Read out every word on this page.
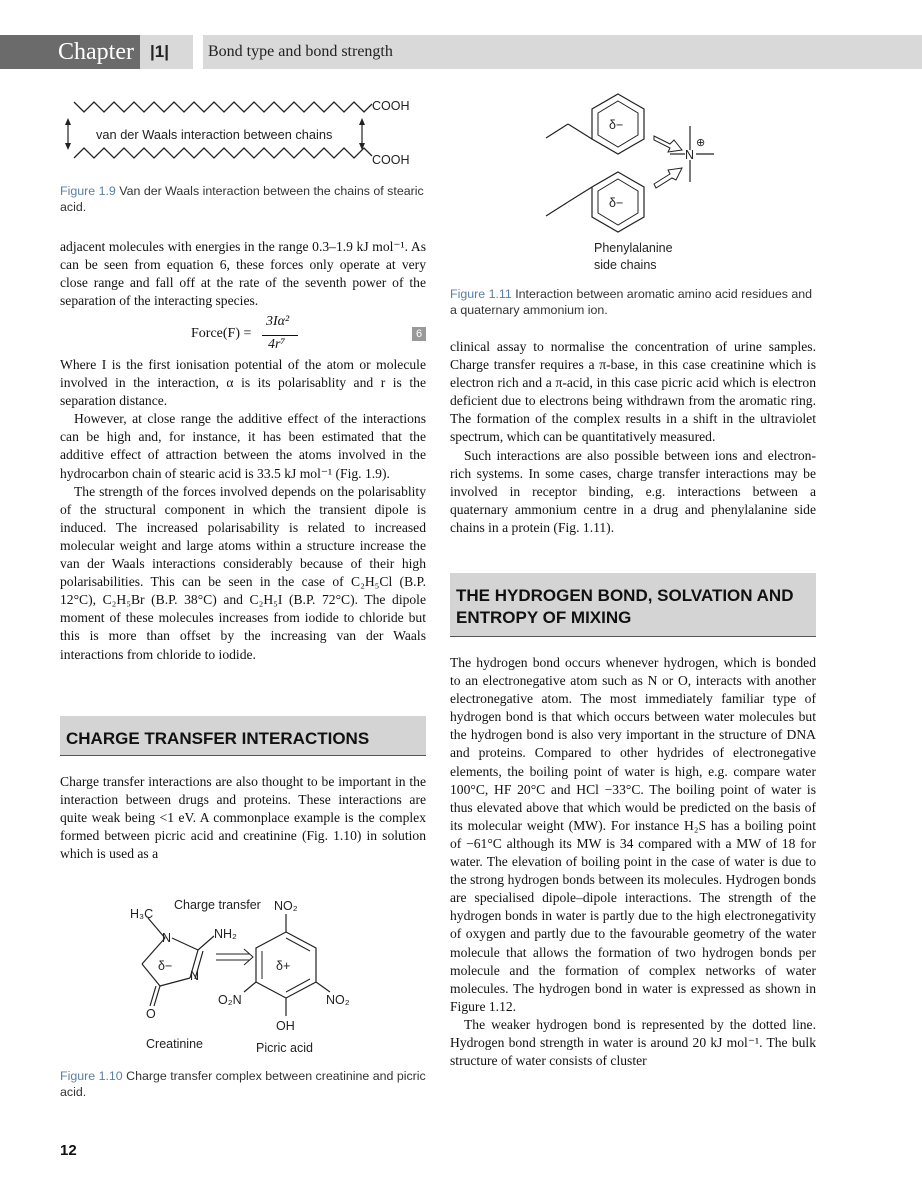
Chapter |1| Bond type and bond strength
COOH
COOH
van der Waals interaction between chains
Figure 1.9 Van der Waals interaction between the chains of stearic acid.

adjacent molecules with energies in the range 0.3–1.9 kJ mol⁻¹. As can be seen from equation 6, these forces only operate at very close range and fall off at the rate of the seventh power of the separation of the interacting species.

Force(F) =
3Iα²
4r⁷
6

Where I is the first ionisation potential of the atom or molecule involved in the interaction, α is its polarisablity and r is the separation distance.

However, at close range the additive effect of the interactions can be high and, for instance, it has been estimated that the additive effect of attraction between the atoms involved in the hydrocarbon chain of stearic acid is 33.5 kJ mol⁻¹ (Fig. 1.9).

The strength of the forces involved depends on the polarisablity of the structural component in which the transient dipole is induced. The increased polarisability is related to increased molecular weight and large atoms within a structure increase the van der Waals interactions considerably because of their high polarisabilities. This can be seen in the case of C₂H₅Cl (B.P. 12°C), C₂H₅Br (B.P. 38°C) and C₂H₅I (B.P. 72°C). The dipole moment of these molecules increases from iodide to chloride but this is more than offset by the increasing van der Waals interactions from chloride to iodide.

CHARGE TRANSFER INTERACTIONS

Charge transfer interactions are also thought to be important in the interaction between drugs and proteins. These interactions are quite weak being <1 eV. A commonplace example is the complex formed between picric acid and creatinine (Fig. 1.10) in solution which is used as a

H₃C
N	NH₂
N
δ−
O
Charge transfer NO₂
δ+
O₂N	NO₂
OH
Creatinine	Picric acid
Figure 1.10 Charge transfer complex between creatinine and picric acid.
δ−
δ−
N
⊕
Phenylalanine
side chains
Figure 1.11 Interaction between aromatic amino acid residues and a quaternary ammonium ion.

clinical assay to normalise the concentration of urine samples. Charge transfer requires a π-base, in this case creatinine which is electron rich and a π-acid, in this case picric acid which is electron deficient due to electrons being withdrawn from the aromatic ring. The formation of the complex results in a shift in the ultraviolet spectrum, which can be quantitatively measured.

Such interactions are also possible between ions and electron-rich systems. In some cases, charge transfer interactions may be involved in receptor binding, e.g. interactions between a quaternary ammonium centre in a drug and phenylalanine side chains in a protein (Fig. 1.11).

THE HYDROGEN BOND, SOLVATION AND ENTROPY OF MIXING

The hydrogen bond occurs whenever hydrogen, which is bonded to an electronegative atom such as N or O, interacts with another electronegative atom. The most immediately familiar type of hydrogen bond is that which occurs between water molecules but the hydrogen bond is also very important in the structure of DNA and proteins. Compared to other hydrides of electronegative elements, the boiling point of water is high, e.g. compare water 100°C, HF 20°C and HCl −33°C. The boiling point of water is thus elevated above that which would be predicted on the basis of its molecular weight (MW). For instance H₂S has a boiling point of −61°C although its MW is 34 compared with a MW of 18 for water. The elevation of boiling point in the case of water is due to the strong hydrogen bonds between its molecules. Hydrogen bonds are specialised dipole–dipole interactions. The strength of the hydrogen bonds in water is partly due to the high electronegativity of oxygen and partly due to the favourable geometry of the water molecule that allows the formation of two hydrogen bonds per molecule and the formation of complex networks of water molecules. The hydrogen bond in water is expressed as shown in Figure 1.12.

The weaker hydrogen bond is represented by the dotted line. Hydrogen bond strength in water is around 20 kJ mol⁻¹. The bulk structure of water consists of cluster

12
